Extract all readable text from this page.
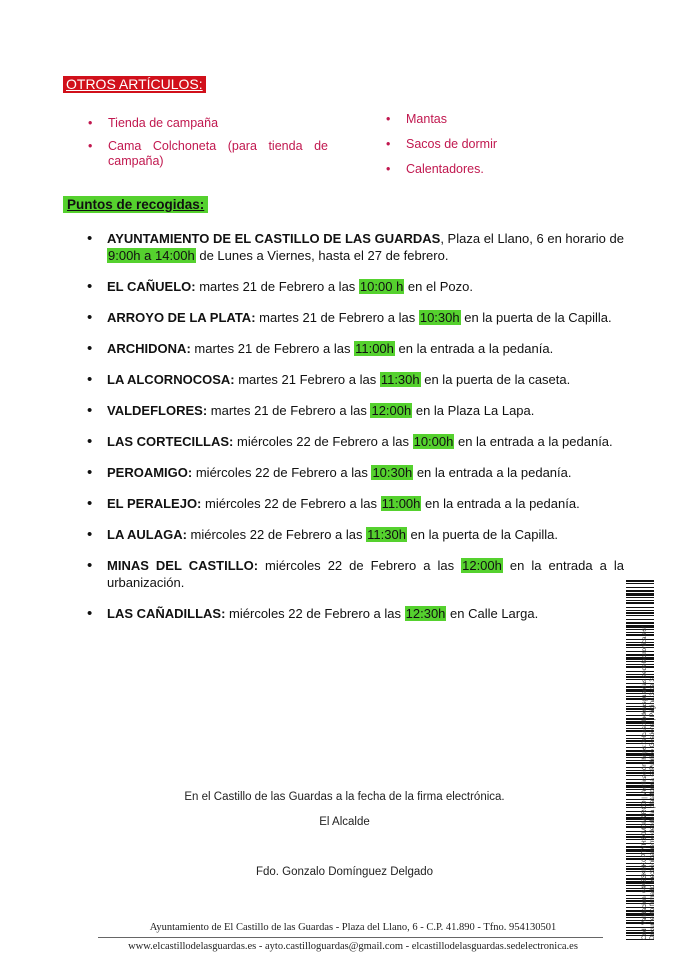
OTROS ARTÍCULOS:
• Tienda de campaña
• Cama Colchoneta (para tienda de campaña)
• Mantas
• Sacos de dormir
• Calentadores.
Puntos de recogidas:
• AYUNTAMIENTO DE EL CASTILLO DE LAS GUARDAS, Plaza el Llano, 6 en horario de 9:00h a 14:00h de Lunes a Viernes, hasta el 27 de febrero.
• EL CAÑUELO: martes 21 de Febrero a las 10:00 h en el Pozo.
• ARROYO DE LA PLATA: martes 21 de Febrero a las 10:30h en la puerta de la Capilla.
• ARCHIDONA: martes 21 de Febrero a las 11:00h en la entrada a la pedanía.
• LA ALCORNOCOSA: martes 21 Febrero a las 11:30h en la puerta de la caseta.
• VALDEFLORES: martes 21 de Febrero a las 12:00h en la Plaza La Lapa.
• LAS CORTECILLAS: miércoles 22 de Febrero a las 10:00h en la entrada a la pedanía.
• PEROAMIGO: miércoles 22 de Febrero a las 10:30h en la entrada a la pedanía.
• EL PERALEJO: miércoles 22 de Febrero a las 11:00h en la entrada a la pedanía.
• LA AULAGA: miércoles 22 de Febrero a las 11:30h en la puerta de la Capilla.
• MINAS DEL CASTILLO: miércoles 22 de Febrero a las 12:00h en la entrada a la urbanización.
• LAS CAÑADILLAS: miércoles 22 de Febrero a las 12:30h en Calle Larga.
En el Castillo de las Guardas a la fecha de la firma electrónica.
El Alcalde
Fdo. Gonzalo Domínguez Delgado
Ayuntamiento de El Castillo de las Guardas - Plaza del Llano, 6 - C.P. 41.890 - Tfno. 954130501
www.elcastillodelasguardas.es - ayto.castilloguardas@gmail.com - elcastillodelasguardas.sedelectronica.es
Cód. Validación: 644Z3KHKCPTYH3XMGM2RCD | Verificación: https://elcastillodelasguardas.sedelectronica.es/ Documento firmado electrónicamente desde la plataforma esPublico Gestiona | Página 3 de 3
